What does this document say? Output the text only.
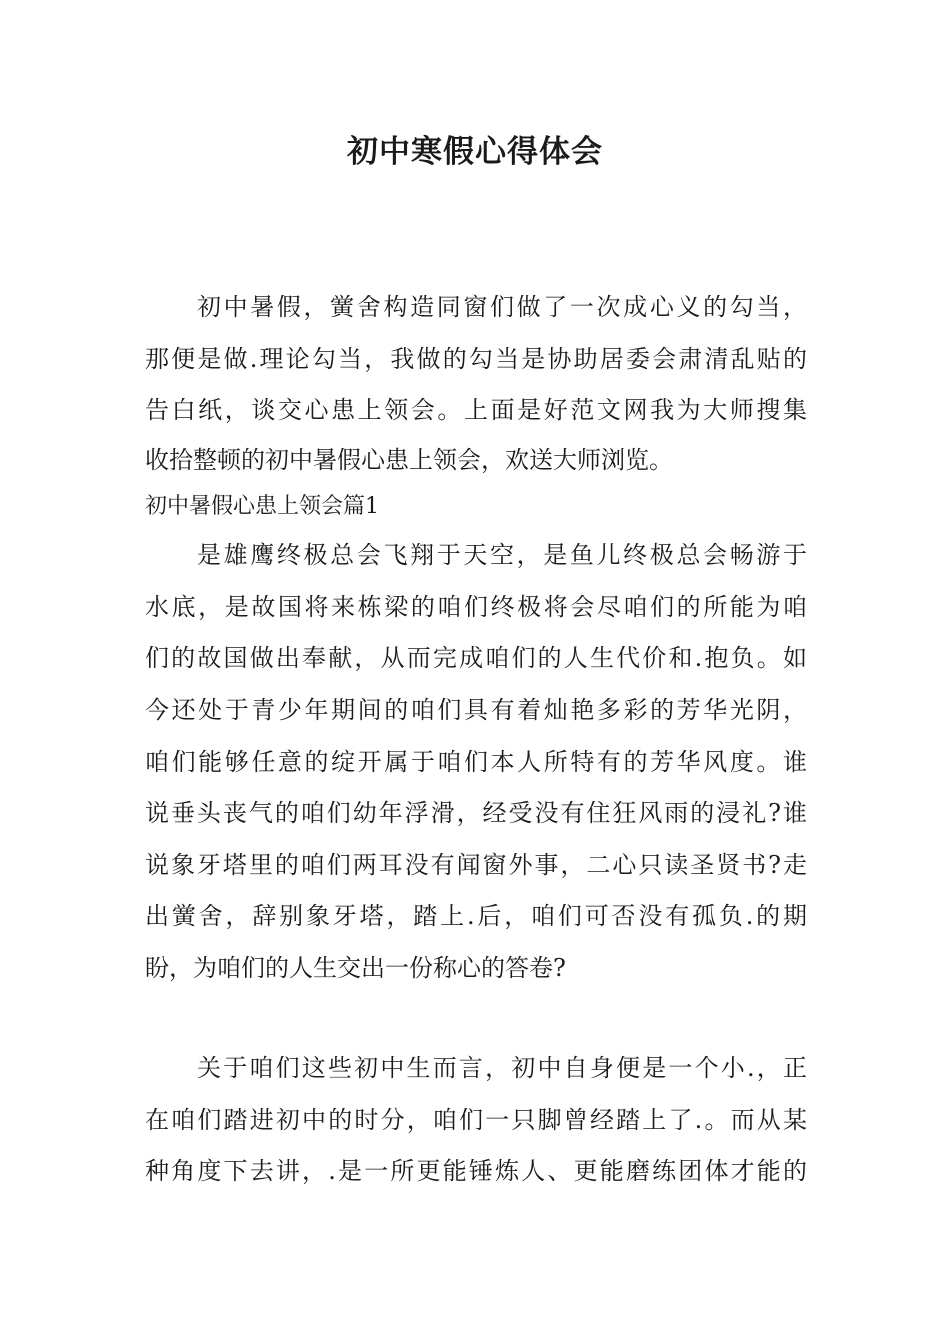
初中寒假心得体会

初中暑假，黉舍构造同窗们做了一次成心义的勾当，

那便是做.理论勾当，我做的勾当是协助居委会肃清乱贴的

告白纸，谈交心患上领会。上面是好范文网我为大师搜集

收拾整顿的初中暑假心患上领会，欢送大师浏览。

初中暑假心患上领会篇1

是雄鹰终极总会飞翔于天空，是鱼儿终极总会畅游于

水底，是故国将来栋梁的咱们终极将会尽咱们的所能为咱

们的故国做出奉献，从而完成咱们的人生代价和.抱负。如

今还处于青少年期间的咱们具有着灿艳多彩的芳华光阴，

咱们能够任意的绽开属于咱们本人所特有的芳华风度。谁

说垂头丧气的咱们幼年浮滑，经受没有住狂风雨的浸礼?谁

说象牙塔里的咱们两耳没有闻窗外事，二心只读圣贤书?走

出黉舍，辞别象牙塔，踏上.后，咱们可否没有孤负.的期

盼，为咱们的人生交出一份称心的答卷?

关于咱们这些初中生而言，初中自身便是一个小.，正

在咱们踏进初中的时分，咱们一只脚曾经踏上了.。而从某

种角度下去讲，.是一所更能锤炼人、更能磨练团体才能的
